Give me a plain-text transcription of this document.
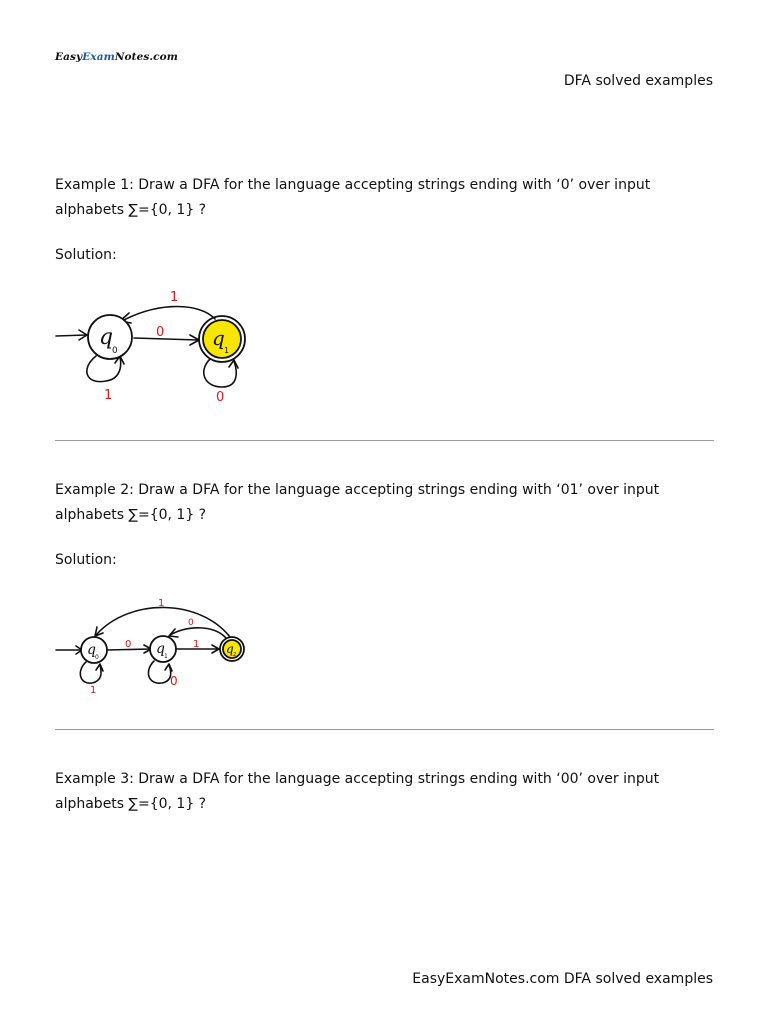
EasyExamNotes.com
DFA solved examples
Example 1: Draw a DFA for the language accepting strings ending with ‘0’ over input
alphabets ∑={0, 1} ?
Solution:
0
1
1	0
q
0
q
1
Example 2: Draw a DFA for the language accepting strings ending with ‘01’ over input
alphabets ∑={0, 1} ?
Solution:
0	1
0
1
1
0
q 0
q 1
q 2
Example 3: Draw a DFA for the language accepting strings ending with ‘00’ over input
alphabets ∑={0, 1} ?
EasyExamNotes.com DFA solved examples
